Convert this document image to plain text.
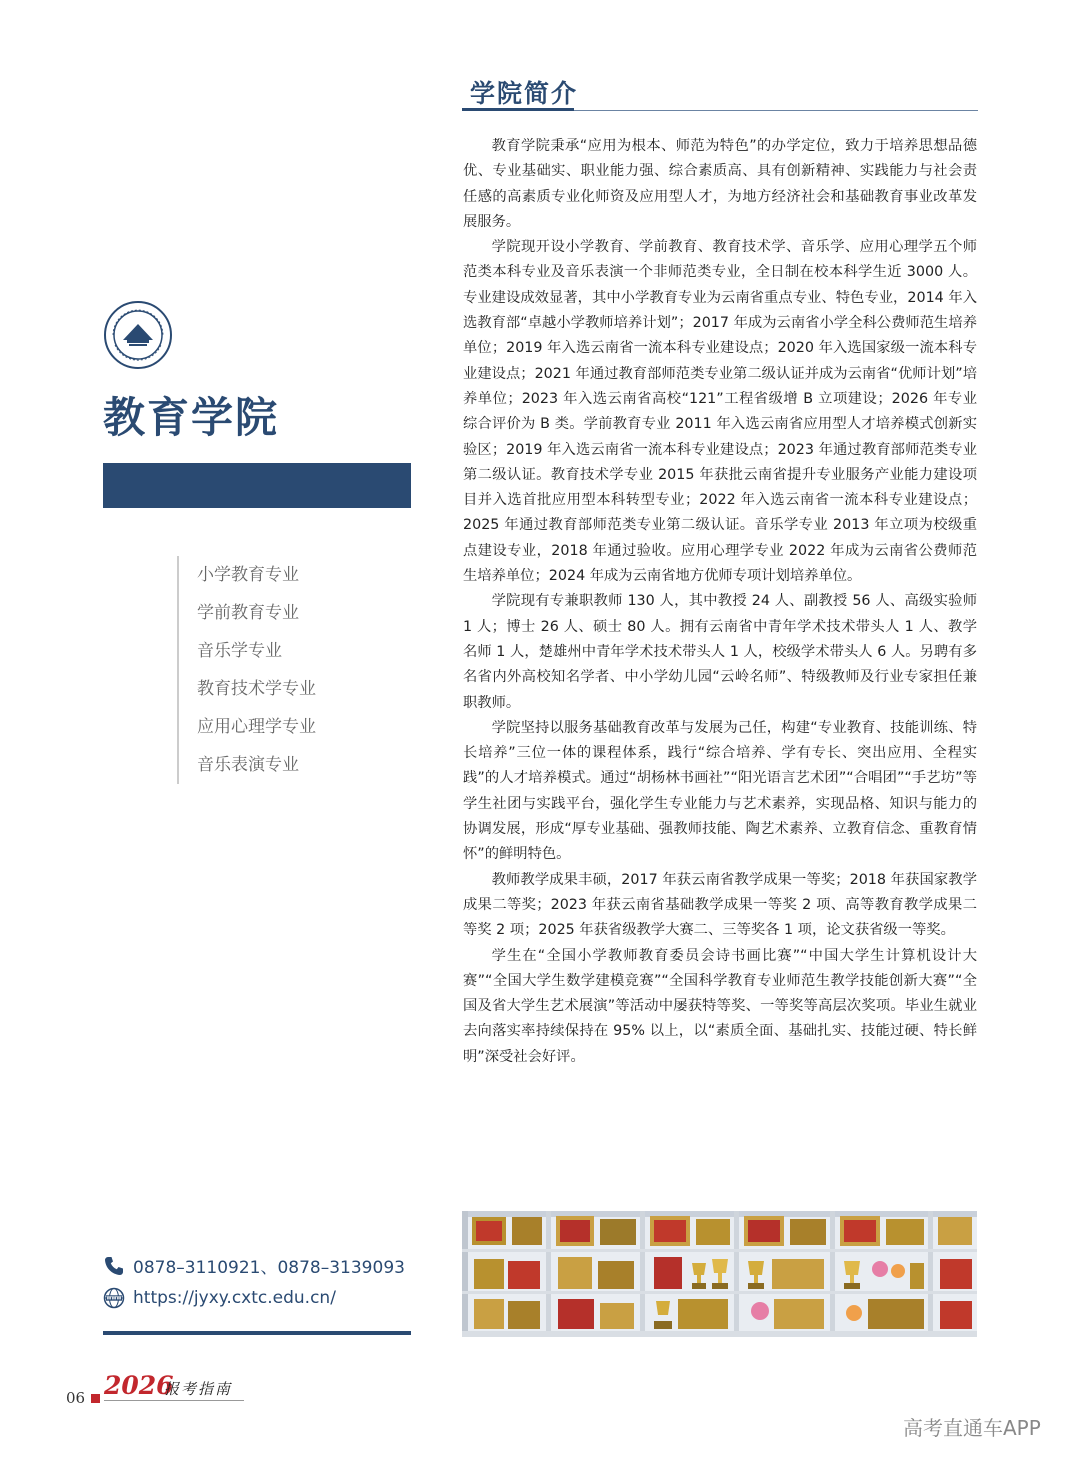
学院简介

教育学院秉承“应用为根本、师范为特色”的办学定位，致力于培养思想品德优、专业基础实、职业能力强、综合素质高、具有创新精神、实践能力与社会责任感的高素质专业化师资及应用型人才，为地方经济社会和基础教育事业改革发展服务。

学院现开设小学教育、学前教育、教育技术学、音乐学、应用心理学五个师范类本科专业及音乐表演一个非师范类专业，全日制在校本科学生近 3000 人。专业建设成效显著，其中小学教育专业为云南省重点专业、特色专业，2014 年入选教育部“卓越小学教师培养计划”；2017 年成为云南省小学全科公费师范生培养单位；2019 年入选云南省一流本科专业建设点；2020 年入选国家级一流本科专业建设点；2021 年通过教育部师范类专业第二级认证并成为云南省“优师计划”培养单位；2023 年入选云南省高校“121”工程省级增 B 立项建设；2026 年专业综合评价为 B 类。学前教育专业 2011 年入选云南省应用型人才培养模式创新实验区；2019 年入选云南省一流本科专业建设点；2023 年通过教育部师范类专业第二级认证。教育技术学专业 2015 年获批云南省提升专业服务产业能力建设项目并入选首批应用型本科转型专业；2022 年入选云南省一流本科专业建设点；2025 年通过教育部师范类专业第二级认证。音乐学专业 2013 年立项为校级重点建设专业，2018 年通过验收。应用心理学专业 2022 年成为云南省公费师范生培养单位；2024 年成为云南省地方优师专项计划培养单位。

学院现有专兼职教师 130 人，其中教授 24 人、副教授 56 人、高级实验师 1 人；博士 26 人、硕士 80 人。拥有云南省中青年学术技术带头人 1 人、教学名师 1 人，楚雄州中青年学术技术带头人 1 人，校级学术带头人 6 人。另聘有多名省内外高校知名学者、中小学幼儿园“云岭名师”、特级教师及行业专家担任兼职教师。

学院坚持以服务基础教育改革与发展为己任，构建“专业教育、技能训练、特长培养”三位一体的课程体系，践行“综合培养、学有专长、突出应用、全程实践”的人才培养模式。通过“胡杨林书画社”“阳光语言艺术团”“合唱团”“手艺坊”等学生社团与实践平台，强化学生专业能力与艺术素养，实现品格、知识与能力的协调发展，形成“厚专业基础、强教师技能、陶艺术素养、立教育信念、重教育情怀”的鲜明特色。

教师教学成果丰硕，2017 年获云南省教学成果一等奖；2018 年获国家教学成果二等奖；2023 年获云南省基础教学成果一等奖 2 项、高等教育教学成果二等奖 2 项；2025 年获省级教学大赛二、三等奖各 1 项，论文获省级一等奖。

学生在“全国小学教师教育委员会诗书画比赛”“中国大学生计算机设计大赛”“全国大学生数学建模竞赛”“全国科学教育专业师范生教学技能创新大赛”“全国及省大学生艺术展演”等活动中屡获特等奖、一等奖等高层次奖项。毕业生就业去向落实率持续保持在 95% 以上，以“素质全面、基础扎实、技能过硬、特长鲜明”深受社会好评。

教育学院
小学教育专业
学前教育专业
音乐学专业
教育技术学专业
应用心理学专业
音乐表演专业
0878–3110921、0878–3139093
WWW https://jyxy.cxtc.edu.cn/
06 2026
报考指南
高考直通车APP
